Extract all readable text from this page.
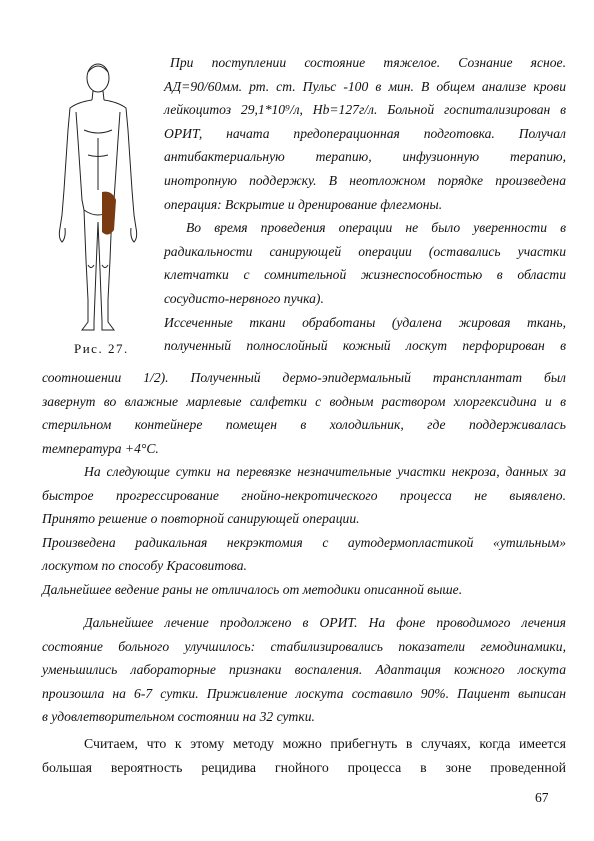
Рис. 27.
При поступлении состояние тяжелое. Сознание ясное.
АД=90/60мм. рт. ст. Пульс -100 в мин. В общем анализе крови
лейкоцитоз 29,1*10⁹/л, Hb=127г/л. Больной госпитализирован в
ОРИТ, начата предоперационная подготовка. Получал
антибактериальную терапию, инфузионную терапию,
инотропную поддержку. В неотложном порядке произведена
операция: Вскрытие и дренирование флегмоны.
Во время проведения операции не было уверенности в
радикальности санирующей операции (оставались участки
клетчатки с сомнительной жизнеспособностью в области
сосудисто-нервного пучка).
Иссеченные ткани обработаны (удалена жировая ткань,
полученный полнослойный кожный лоскут перфорирован в
соотношении 1/2). Полученный дермо-эпидермальный трансплантат был
завернут во влажные марлевые салфетки с водным раствором хлоргексидина и в
стерильном контейнере помещен в холодильник, где поддерживалась
температура +4°С.
На следующие сутки на перевязке незначительные участки некроза, данных за
быстрое прогрессирование гнойно-некротического процесса не выявлено.
Принято решение о повторной санирующей операции.
Произведена радикальная некрэктомия с аутодермопластикой «утильным»
лоскутом по способу Красовитова.
Дальнейшее ведение раны не отличалось от методики описанной выше.
Дальнейшее лечение продолжено в ОРИТ. На фоне проводимого лечения
состояние больного улучшилось: стабилизировались показатели гемодинамики,
уменьшились лабораторные признаки воспаления. Адаптация кожного лоскута
произошла на 6-7 сутки. Приживление лоскута составило 90%. Пациент выписан
в удовлетворительном состоянии на 32 сутки.
Считаем, что к этому методу можно прибегнуть в случаях, когда имеется
большая вероятность рецидива гнойного процесса в зоне проведенной
67
